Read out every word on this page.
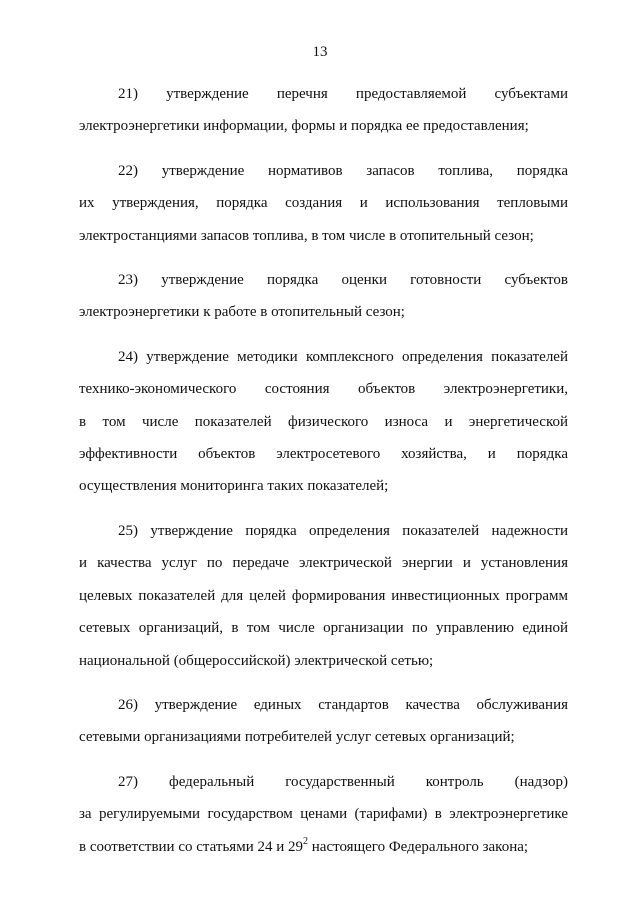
13
21) утверждение перечня предоставляемой субъектами
электроэнергетики информации, формы и порядка ее предоставления;
22) утверждение нормативов запасов топлива, порядка
их утверждения, порядка создания и использования тепловыми
электростанциями запасов топлива, в том числе в отопительный сезон;
23) утверждение порядка оценки готовности субъектов
электроэнергетики к работе в отопительный сезон;
24) утверждение методики комплексного определения показателей
технико-экономического состояния объектов электроэнергетики,
в том числе показателей физического износа и энергетической
эффективности объектов электросетевого хозяйства, и порядка
осуществления мониторинга таких показателей;
25) утверждение порядка определения показателей надежности
и качества услуг по передаче электрической энергии и установления
целевых показателей для целей формирования инвестиционных программ
сетевых организаций, в том числе организации по управлению единой
национальной (общероссийской) электрической сетью;
26) утверждение единых стандартов качества обслуживания
сетевыми организациями потребителей услуг сетевых организаций;
27) федеральный государственный контроль (надзор)
за регулируемыми государством ценами (тарифами) в электроэнергетике
в соответствии со статьями 24 и $29^2$ настоящего Федерального закона;
